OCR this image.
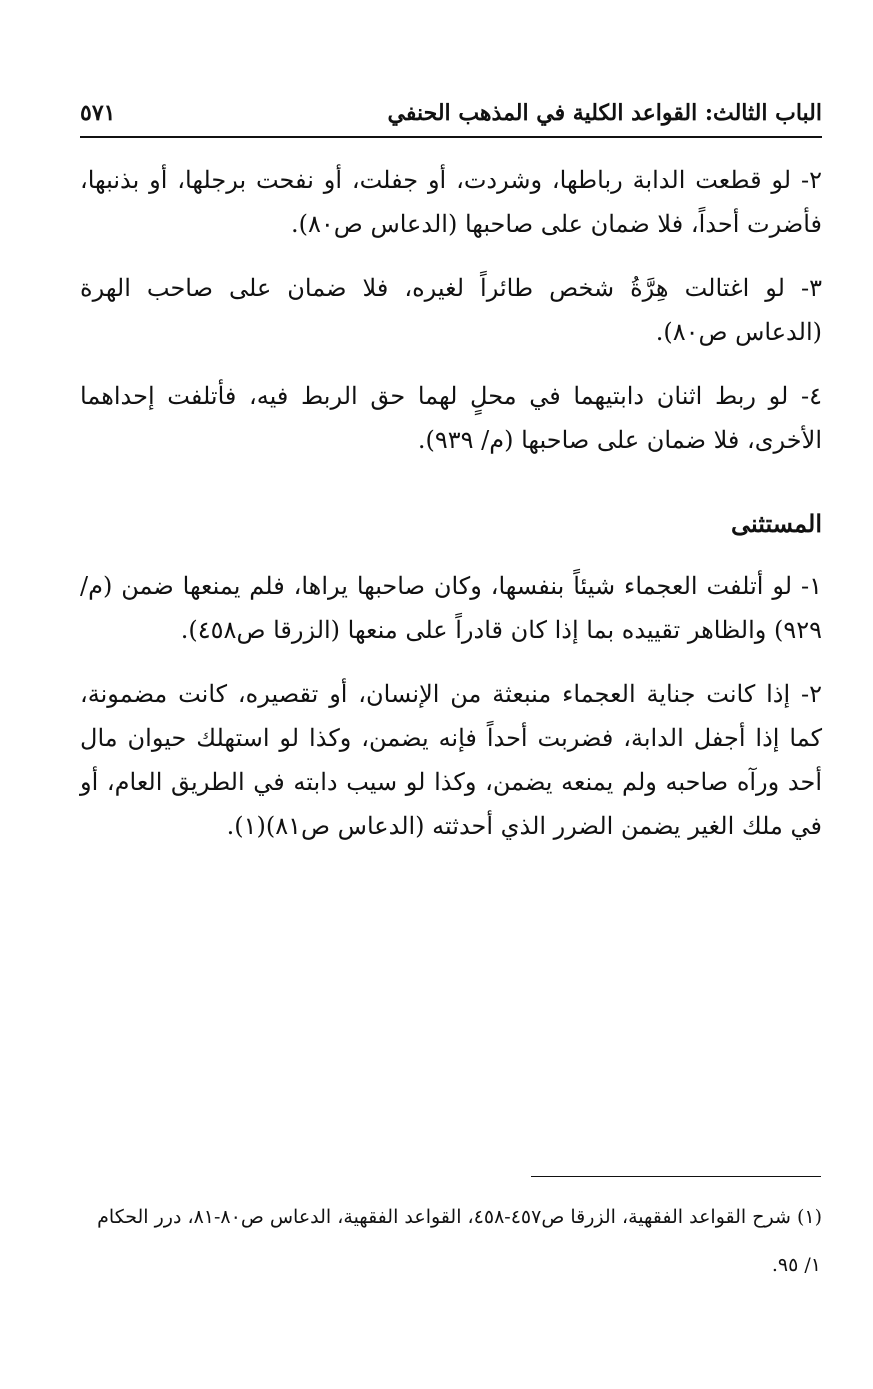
الباب الثالث: القواعد الكلية في المذهب الحنفي
٥٧١

٢- لو قطعت الدابة رباطها، وشردت، أو جفلت، أو نفحت برجلها، أو بذنبها، فأضرت أحداً، فلا ضمان على صاحبها (الدعاس ص٨٠).

٣- لو اغتالت هِرَّةُ شخص طائراً لغيره، فلا ضمان على صاحب الهرة (الدعاس ص٨٠).

٤- لو ربط اثنان دابتيهما في محلٍ لهما حق الربط فيه، فأتلفت إحداهما الأخرى، فلا ضمان على صاحبها (م/ ٩٣٩).

المستثنى

١- لو أتلفت العجماء شيئاً بنفسها، وكان صاحبها يراها، فلم يمنعها ضمن (م/ ٩٢٩) والظاهر تقييده بما إذا كان قادراً على منعها (الزرقا ص٤٥٨).

٢- إذا كانت جناية العجماء منبعثة من الإنسان، أو تقصيره، كانت مضمونة، كما إذا أجفل الدابة، فضربت أحداً فإنه يضمن، وكذا لو استهلك حيوان مال أحد ورآه صاحبه ولم يمنعه يضمن، وكذا لو سيب دابته في الطريق العام، أو في ملك الغير يضمن الضرر الذي أحدثته (الدعاس ص٨١)(١).

(١) شرح القواعد الفقهية، الزرقا ص٤٥٧-٤٥٨، القواعد الفقهية، الدعاس ص٨٠-٨١، درر الحكام
١/ ٩٥.
